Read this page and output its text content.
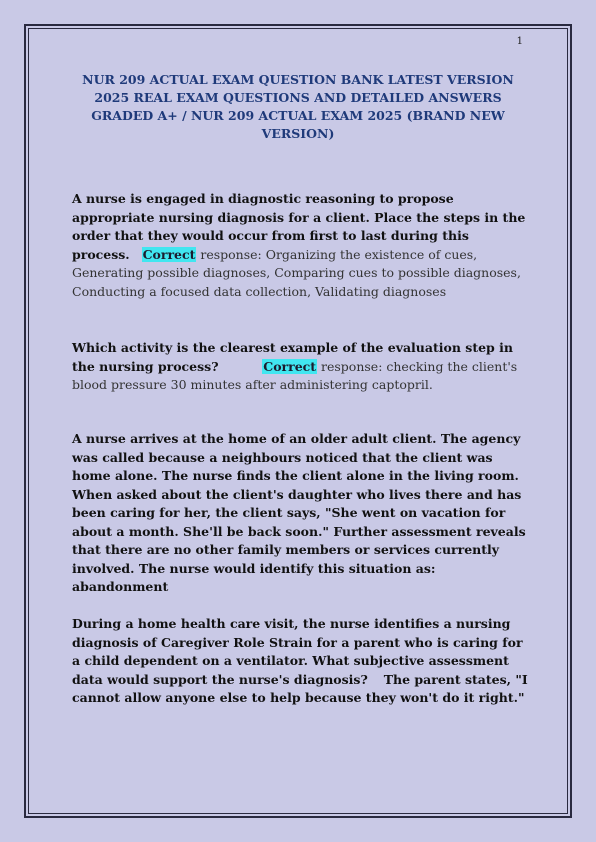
1
NUR 209 ACTUAL EXAM QUESTION BANK LATEST VERSION 2025 REAL EXAM QUESTIONS AND DETAILED ANSWERS GRADED A+ / NUR 209 ACTUAL EXAM 2025 (BRAND NEW VERSION)
A nurse is engaged in diagnostic reasoning to propose appropriate nursing diagnosis for a client. Place the steps in the order that they would occur from first to last during this process. Correct response: Organizing the existence of cues, Generating possible diagnoses, Comparing cues to possible diagnoses, Conducting a focused data collection, Validating diagnoses
Which activity is the clearest example of the evaluation step in the nursing process?	Correct response: checking the client's blood pressure 30 minutes after administering captopril.
A nurse arrives at the home of an older adult client. The agency was called because a neighbours noticed that the client was home alone. The nurse finds the client alone in the living room. When asked about the client's daughter who lives there and has been caring for her, the client says, "She went on vacation for about a month. She'll be back soon." Further assessment reveals that there are no other family members or services currently involved. The nurse would identify this situation as: abandonment
During a home health care visit, the nurse identifies a nursing diagnosis of Caregiver Role Strain for a parent who is caring for a child dependent on a ventilator. What subjective assessment data would support the nurse's diagnosis? The parent states, "I cannot allow anyone else to help because they won't do it right."
